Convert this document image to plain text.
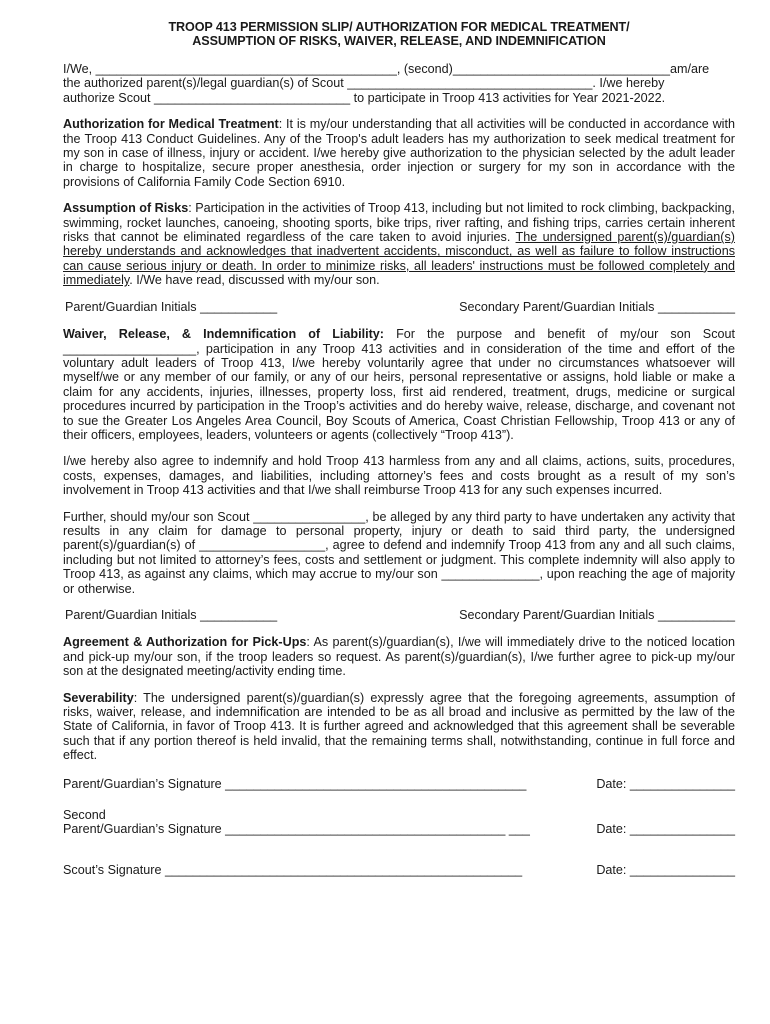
TROOP 413 PERMISSION SLIP/ AUTHORIZATION FOR MEDICAL TREATMENT/
ASSUMPTION OF RISKS, WAIVER, RELEASE, AND INDEMNIFICATION
I/We, ___________________________________________, (second)_______________________________am/are
the authorized parent(s)/legal guardian(s) of Scout ___________________________________. I/we hereby
authorize Scout ____________________________ to participate in Troop 413 activities for Year 2021-2022.

Authorization for Medical Treatment: It is my/our understanding that all activities will be conducted in accordance with the Troop 413 Conduct Guidelines. Any of the Troop's adult leaders has my authorization to seek medical treatment for my son in case of illness, injury or accident. I/we hereby give authorization to the physician selected by the adult leader in charge to hospitalize, secure proper anesthesia, order injection or surgery for my son in accordance with the provisions of California Family Code Section 6910.

Assumption of Risks: Participation in the activities of Troop 413, including but not limited to rock climbing, backpacking, swimming, rocket launches, canoeing, shooting sports, bike trips, river rafting, and fishing trips, carries certain inherent risks that cannot be eliminated regardless of the care taken to avoid injuries. The undersigned parent(s)/guardian(s) hereby understands and acknowledges that inadvertent accidents, misconduct, as well as failure to follow instructions can cause serious injury or death. In order to minimize risks, all leaders' instructions must be followed completely and immediately. I/We have read, discussed with my/our son.

Parent/Guardian Initials ___________	Secondary Parent/Guardian Initials ___________

Waiver, Release, & Indemnification of Liability: For the purpose and benefit of my/our son Scout ___________________, participation in any Troop 413 activities and in consideration of the time and effort of the voluntary adult leaders of Troop 413, I/we hereby voluntarily agree that under no circumstances whatsoever will myself/we or any member of our family, or any of our heirs, personal representative or assigns, hold liable or make a claim for any accidents, injuries, illnesses, property loss, first aid rendered, treatment, drugs, medicine or surgical procedures incurred by participation in the Troop’s activities and do hereby waive, release, discharge, and covenant not to sue the Greater Los Angeles Area Council, Boy Scouts of America, Coast Christian Fellowship, Troop 413 or any of their officers, employees, leaders, volunteers or agents (collectively “Troop 413”).

I/we hereby also agree to indemnify and hold Troop 413 harmless from any and all claims, actions, suits, procedures, costs, expenses, damages, and liabilities, including attorney’s fees and costs brought as a result of my son’s involvement in Troop 413 activities and that I/we shall reimburse Troop 413 for any such expenses incurred.

Further, should my/our son Scout ________________, be alleged by any third party to have undertaken any activity that results in any claim for damage to personal property, injury or death to said third party, the undersigned parent(s)/guardian(s) of __________________, agree to defend and indemnify Troop 413 from any and all such claims, including but not limited to attorney’s fees, costs and settlement or judgment. This complete indemnity will also apply to Troop 413, as against any claims, which may accrue to my/our son ______________, upon reaching the age of majority or otherwise.

Parent/Guardian Initials ___________	Secondary Parent/Guardian Initials ___________

Agreement & Authorization for Pick-Ups: As parent(s)/guardian(s), I/we will immediately drive to the noticed location and pick-up my/our son, if the troop leaders so request. As parent(s)/guardian(s), I/we further agree to pick-up my/our son at the designated meeting/activity ending time.

Severability: The undersigned parent(s)/guardian(s) expressly agree that the foregoing agreements, assumption of risks, waiver, release, and indemnification are intended to be as all broad and inclusive as permitted by the law of the State of California, in favor of Troop 413. It is further agreed and acknowledged that this agreement shall be severable such that if any portion thereof is held invalid, that the remaining terms shall, notwithstanding, continue in full force and effect.

Parent/Guardian’s Signature ___________________________________________	Date: _______________
Second
Parent/Guardian’s Signature ________________________________________ ___	Date: _______________
Scout’s Signature ___________________________________________________	Date: _______________
